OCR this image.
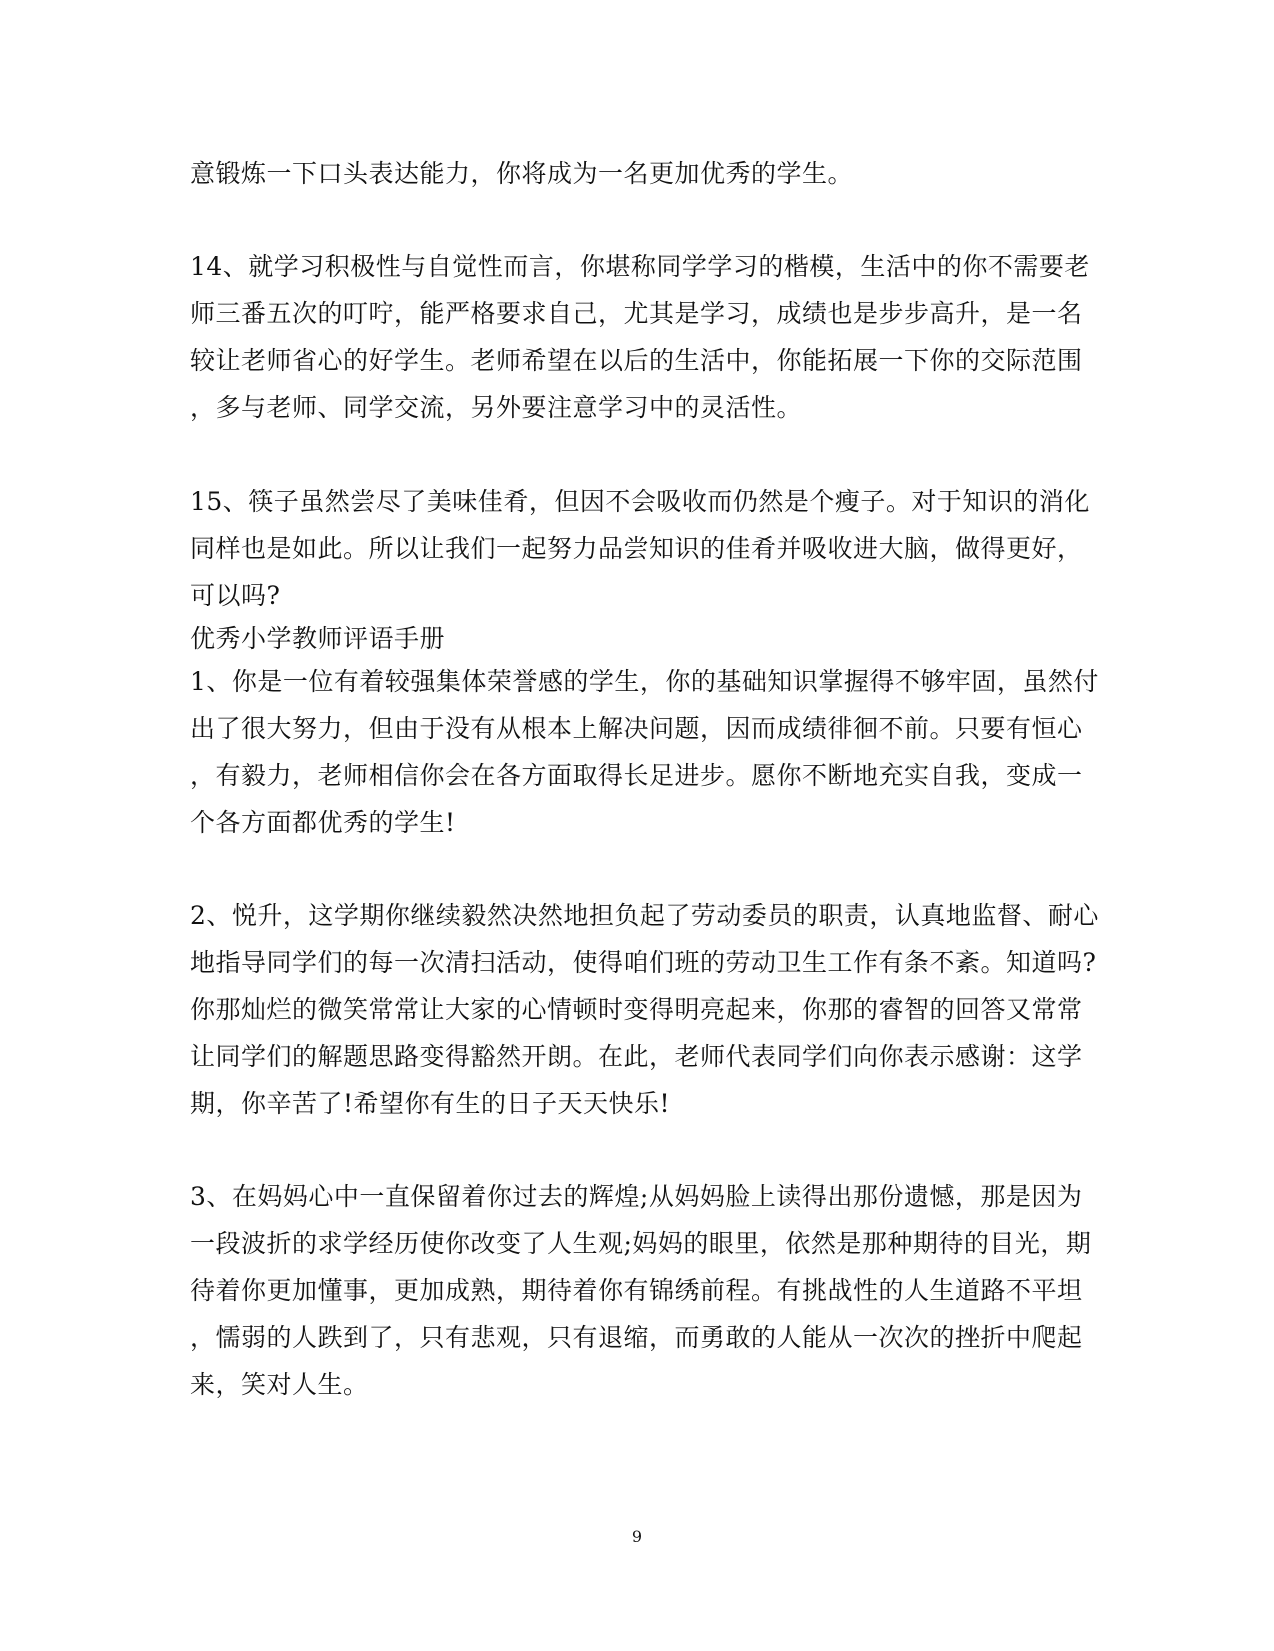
意锻炼一下口头表达能力，你将成为一名更加优秀的学生。
14、就学习积极性与自觉性而言，你堪称同学学习的楷模，生活中的你不需要老
师三番五次的叮咛，能严格要求自己，尤其是学习，成绩也是步步高升，是一名
较让老师省心的好学生。老师希望在以后的生活中，你能拓展一下你的交际范围
，多与老师、同学交流，另外要注意学习中的灵活性。
15、筷子虽然尝尽了美味佳肴，但因不会吸收而仍然是个瘦子。对于知识的消化
同样也是如此。所以让我们一起努力品尝知识的佳肴并吸收进大脑，做得更好，
可以吗?
优秀小学教师评语手册
1、你是一位有着较强集体荣誉感的学生，你的基础知识掌握得不够牢固，虽然付
出了很大努力，但由于没有从根本上解决问题，因而成绩徘徊不前。只要有恒心
，有毅力，老师相信你会在各方面取得长足进步。愿你不断地充实自我，变成一
个各方面都优秀的学生!
2、悦升，这学期你继续毅然决然地担负起了劳动委员的职责，认真地监督、耐心
地指导同学们的每一次清扫活动，使得咱们班的劳动卫生工作有条不紊。知道吗?
你那灿烂的微笑常常让大家的心情顿时变得明亮起来，你那的睿智的回答又常常
让同学们的解题思路变得豁然开朗。在此，老师代表同学们向你表示感谢：这学
期，你辛苦了!希望你有生的日子天天快乐!
3、在妈妈心中一直保留着你过去的辉煌;从妈妈脸上读得出那份遗憾，那是因为
一段波折的求学经历使你改变了人生观;妈妈的眼里，依然是那种期待的目光，期
待着你更加懂事，更加成熟，期待着你有锦绣前程。有挑战性的人生道路不平坦
，懦弱的人跌到了，只有悲观，只有退缩，而勇敢的人能从一次次的挫折中爬起
来，笑对人生。
9
